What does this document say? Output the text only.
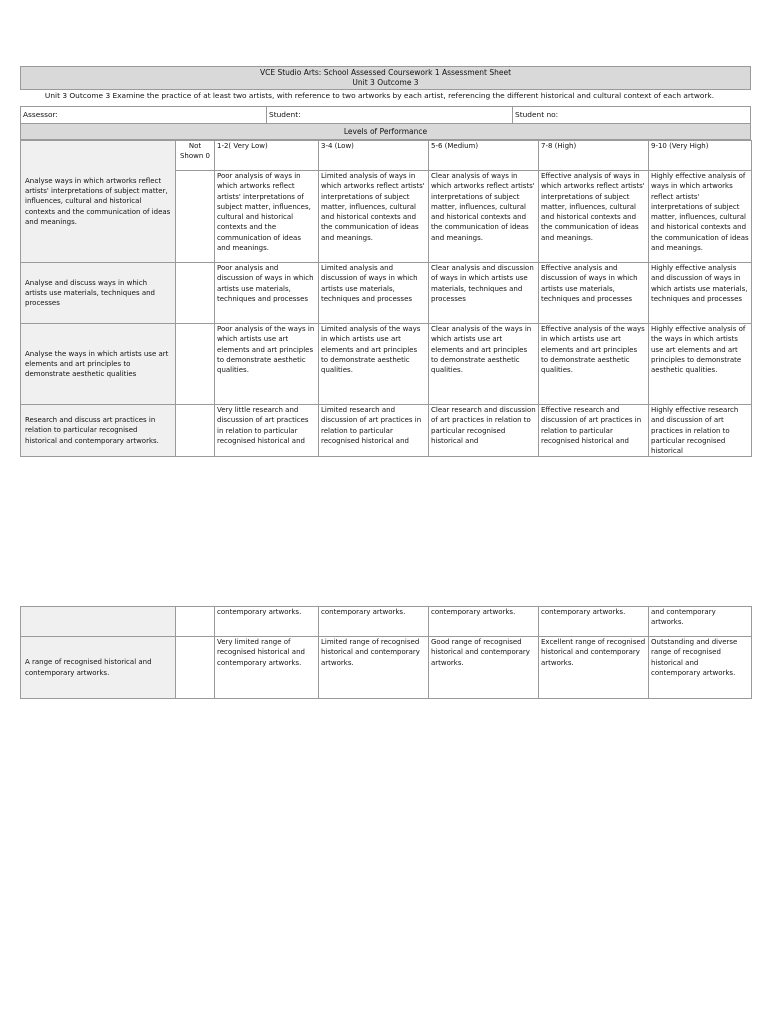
VCE Studio Arts: School Assessed Coursework 1 Assessment Sheet
Unit 3 Outcome 3
Unit 3 Outcome 3 Examine the practice of at least two artists, with reference to two artworks by each artist, referencing the different historical and cultural context of each artwork.
Assessor:	Student:	Student no:
Levels of Performance
Analyse ways in which artworks reflect artists' interpretations of subject matter, influences, cultural and historical contexts and the communication of ideas and meanings.	Not Shown 0	1-2( Very Low)	3-4 (Low)	5-6 (Medium)	7-8 (High)	9-10 (Very High)

		Poor analysis of ways in which artworks reflect artists' interpretations of subject matter, influences, cultural and historical contexts and the communication of ideas and meanings.	Limited analysis of ways in which artworks reflect artists' interpretations of subject matter, influences, cultural and historical contexts and the communication of ideas and meanings.	Clear analysis of ways in which artworks reflect artists' interpretations of subject matter, influences, cultural and historical contexts and the communication of ideas and meanings.	Effective analysis of ways in which artworks reflect artists' interpretations of subject matter, influences, cultural and historical contexts and the communication of ideas and meanings.	Highly effective analysis of ways in which artworks reflect artists' interpretations of subject matter, influences, cultural and historical contexts and the communication of ideas and meanings.

Analyse and discuss ways in which artists use materials, techniques and processes		Poor analysis and discussion of ways in which artists use materials, techniques and processes	Limited analysis and discussion of ways in which artists use materials, techniques and processes	Clear analysis and discussion of ways in which artists use materials, techniques and processes	Effective analysis and discussion of ways in which artists use materials, techniques and processes	Highly effective analysis and discussion of ways in which artists use materials, techniques and processes

Analyse the ways in which artists use art elements and art principles to demonstrate aesthetic qualities		Poor analysis of the ways in which artists use art elements and art principles to demonstrate aesthetic qualities.	Limited analysis of the ways in which artists use art elements and art principles to demonstrate aesthetic qualities.	Clear analysis of the ways in which artists use art elements and art principles to demonstrate aesthetic qualities.	Effective analysis of the ways in which artists use art elements and art principles to demonstrate aesthetic qualities.	Highly effective analysis of the ways in which artists use art elements and art principles to demonstrate aesthetic qualities.

Research and discuss art practices in relation to particular recognised historical and contemporary artworks.		Very little research and discussion of art practices in relation to particular recognised historical and	Limited research and discussion of art practices in relation to particular recognised historical and	Clear research and discussion of art practices in relation to particular recognised historical and	Effective research and discussion of art practices in relation to particular recognised historical and	Highly effective research and discussion of art practices in relation to particular recognised historical
		contemporary artworks.	contemporary artworks.	contemporary artworks.	contemporary artworks.	and contemporary artworks.
A range of recognised historical and contemporary artworks.		Very limited range of recognised historical and contemporary artworks.	Limited range of recognised historical and contemporary artworks.	Good range of recognised historical and contemporary artworks.	Excellent range of recognised historical and contemporary artworks.	Outstanding and diverse range of recognised historical and contemporary artworks.
